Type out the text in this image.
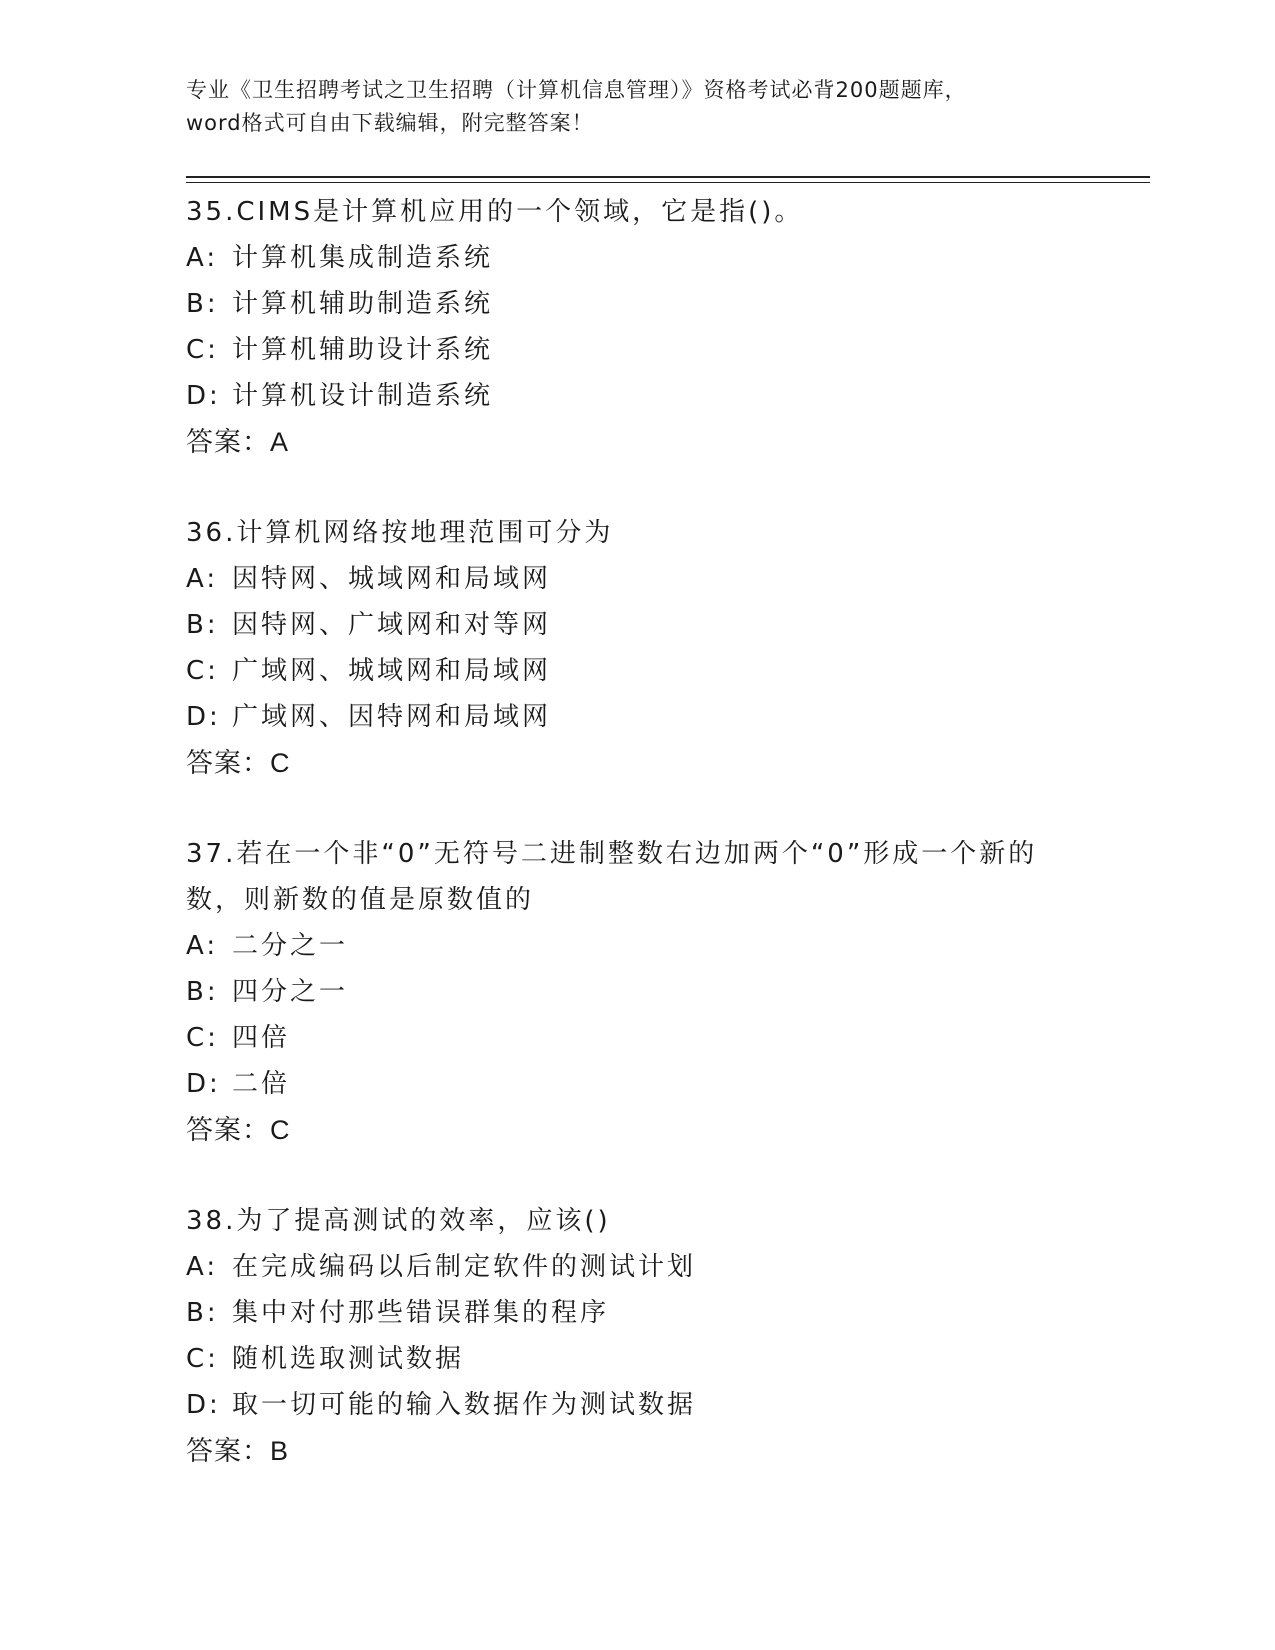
专业《卫生招聘考试之卫生招聘（计算机信息管理）》资格考试必背200题题库，
word格式可自由下载编辑，附完整答案！
35.CIMS是计算机应用的一个领域，它是指()。
A: 计算机集成制造系统
B: 计算机辅助制造系统
C: 计算机辅助设计系统
D: 计算机设计制造系统
答案：A
36.计算机网络按地理范围可分为
A: 因特网、城域网和局域网
B: 因特网、广域网和对等网
C: 广域网、城域网和局域网
D: 广域网、因特网和局域网
答案：C
37.若在一个非“0”无符号二进制整数右边加两个“0”形成一个新的
数，则新数的值是原数值的
A: 二分之一
B: 四分之一
C: 四倍
D: 二倍
答案：C
38.为了提高测试的效率，应该()
A: 在完成编码以后制定软件的测试计划
B: 集中对付那些错误群集的程序
C: 随机选取测试数据
D: 取一切可能的输入数据作为测试数据
答案：B
